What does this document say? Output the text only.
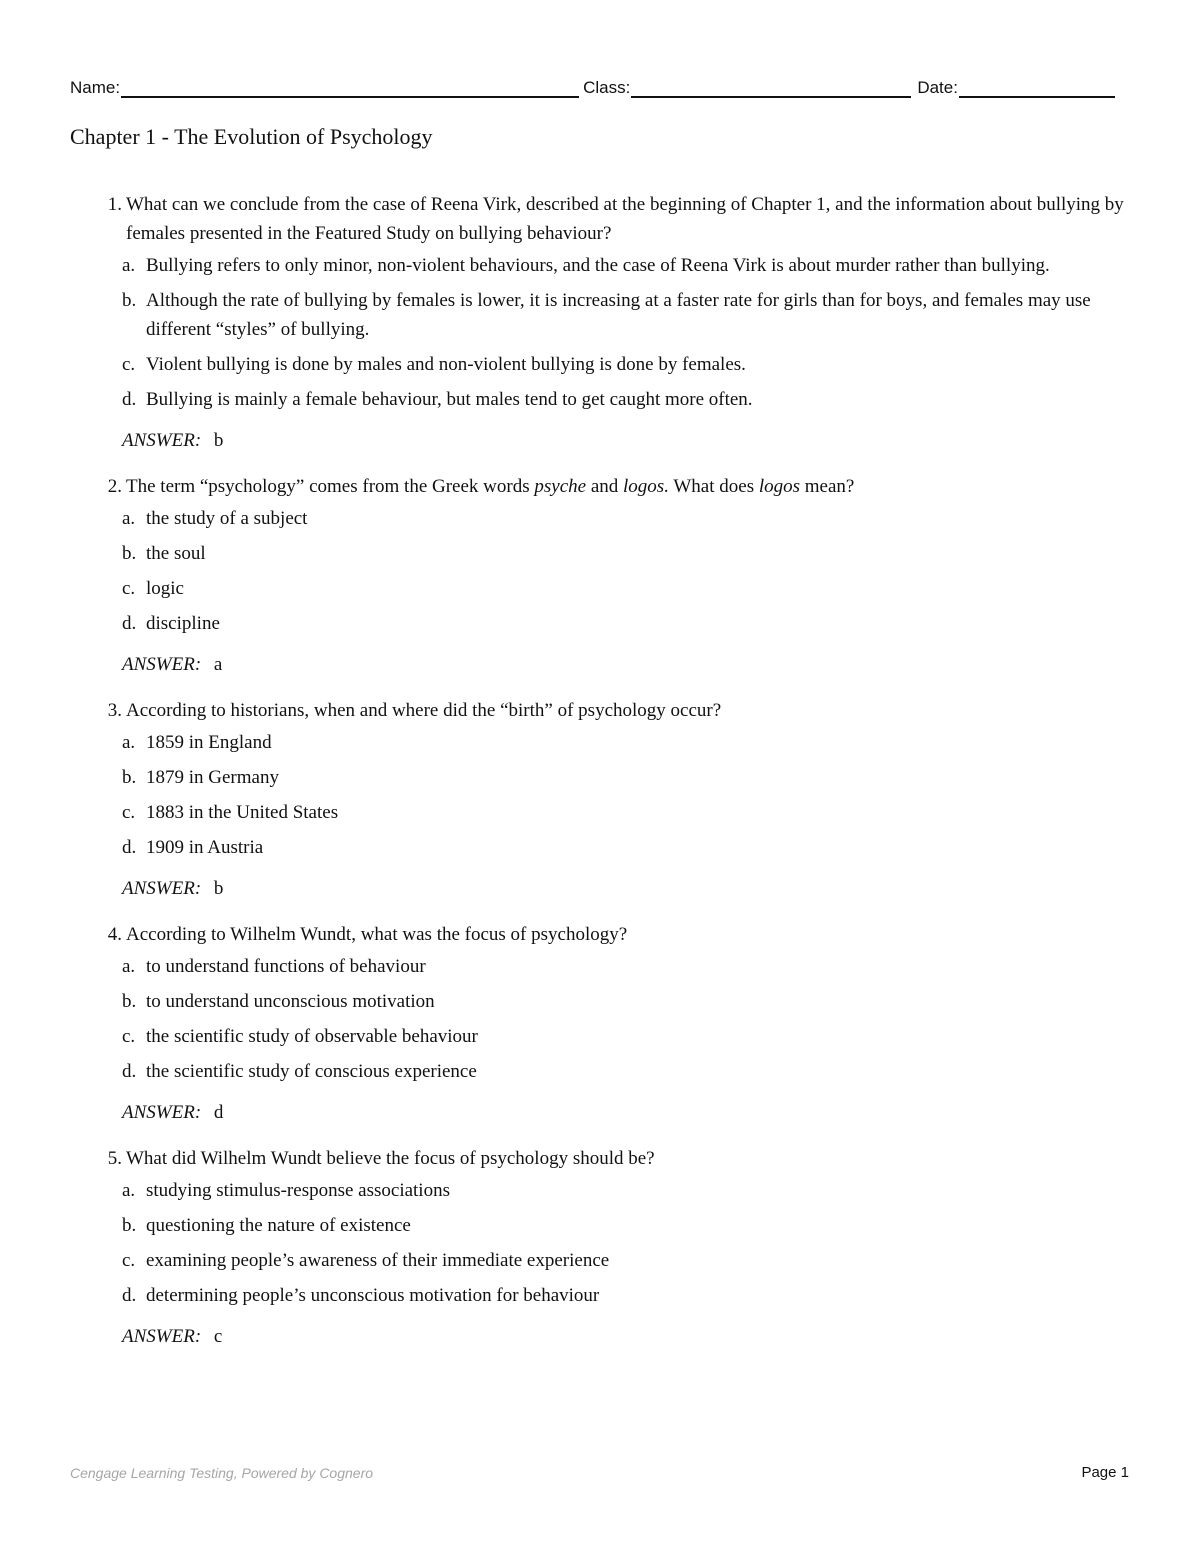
Name:	Class:	Date:
Chapter 1 - The Evolution of Psychology
1. What can we conclude from the case of Reena Virk, described at the beginning of Chapter 1, and the information about bullying by females presented in the Featured Study on bullying behaviour?
a. Bullying refers to only minor, non-violent behaviours, and the case of Reena Virk is about murder rather than bullying.
b. Although the rate of bullying by females is lower, it is increasing at a faster rate for girls than for boys, and females may use different “styles” of bullying.
c. Violent bullying is done by males and non-violent bullying is done by females.
d. Bullying is mainly a female behaviour, but males tend to get caught more often.
ANSWER: b
2. The term “psychology” comes from the Greek words psyche and logos. What does logos mean?
a. the study of a subject
b. the soul
c. logic
d. discipline
ANSWER: a
3. According to historians, when and where did the “birth” of psychology occur?
a. 1859 in England
b. 1879 in Germany
c. 1883 in the United States
d. 1909 in Austria
ANSWER: b
4. According to Wilhelm Wundt, what was the focus of psychology?
a. to understand functions of behaviour
b. to understand unconscious motivation
c. the scientific study of observable behaviour
d. the scientific study of conscious experience
ANSWER: d
5. What did Wilhelm Wundt believe the focus of psychology should be?
a. studying stimulus-response associations
b. questioning the nature of existence
c. examining people’s awareness of their immediate experience
d. determining people’s unconscious motivation for behaviour
ANSWER: c
Cengage Learning Testing, Powered by Cognero	Page 1
